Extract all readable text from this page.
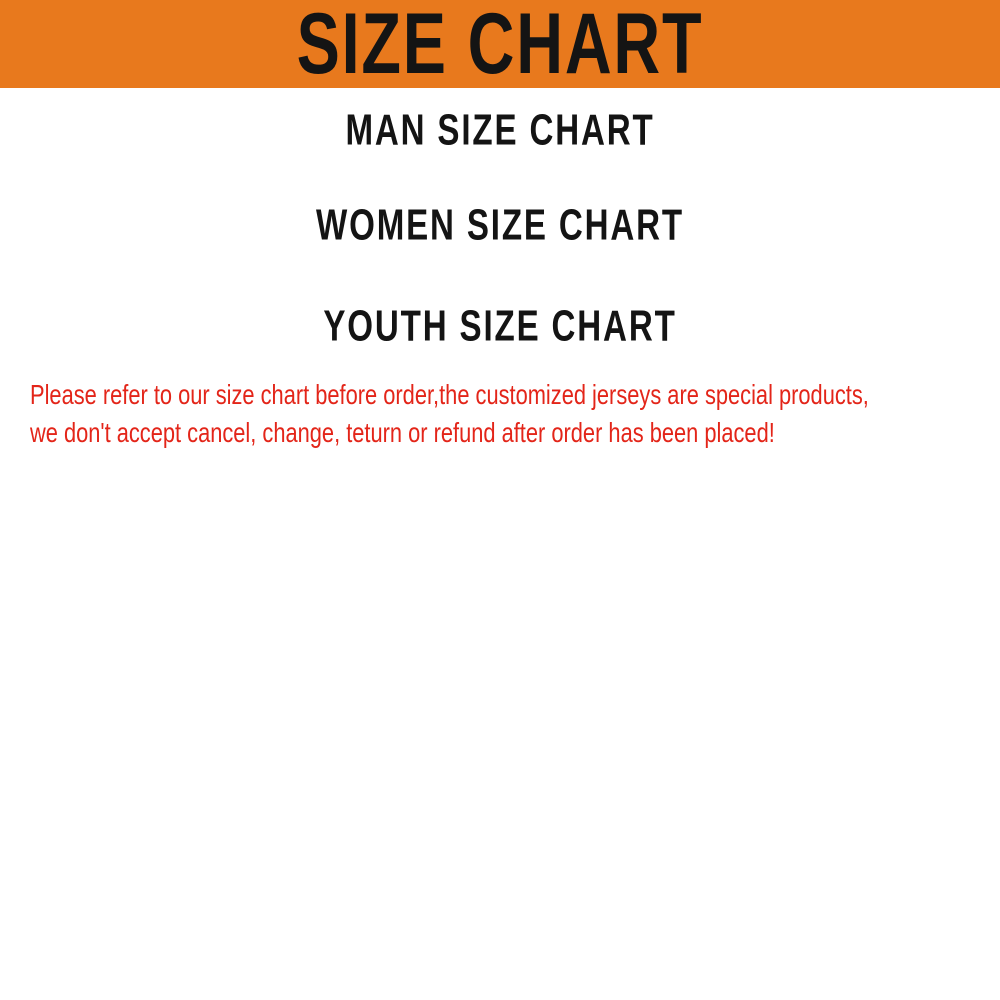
SIZE CHART
MAN SIZE CHART
WOMEN SIZE CHART
YOUTH SIZE CHART
Please refer to our size chart before order,the customized jerseys are special products,
we don't accept cancel, change, teturn or refund after order has been placed!
